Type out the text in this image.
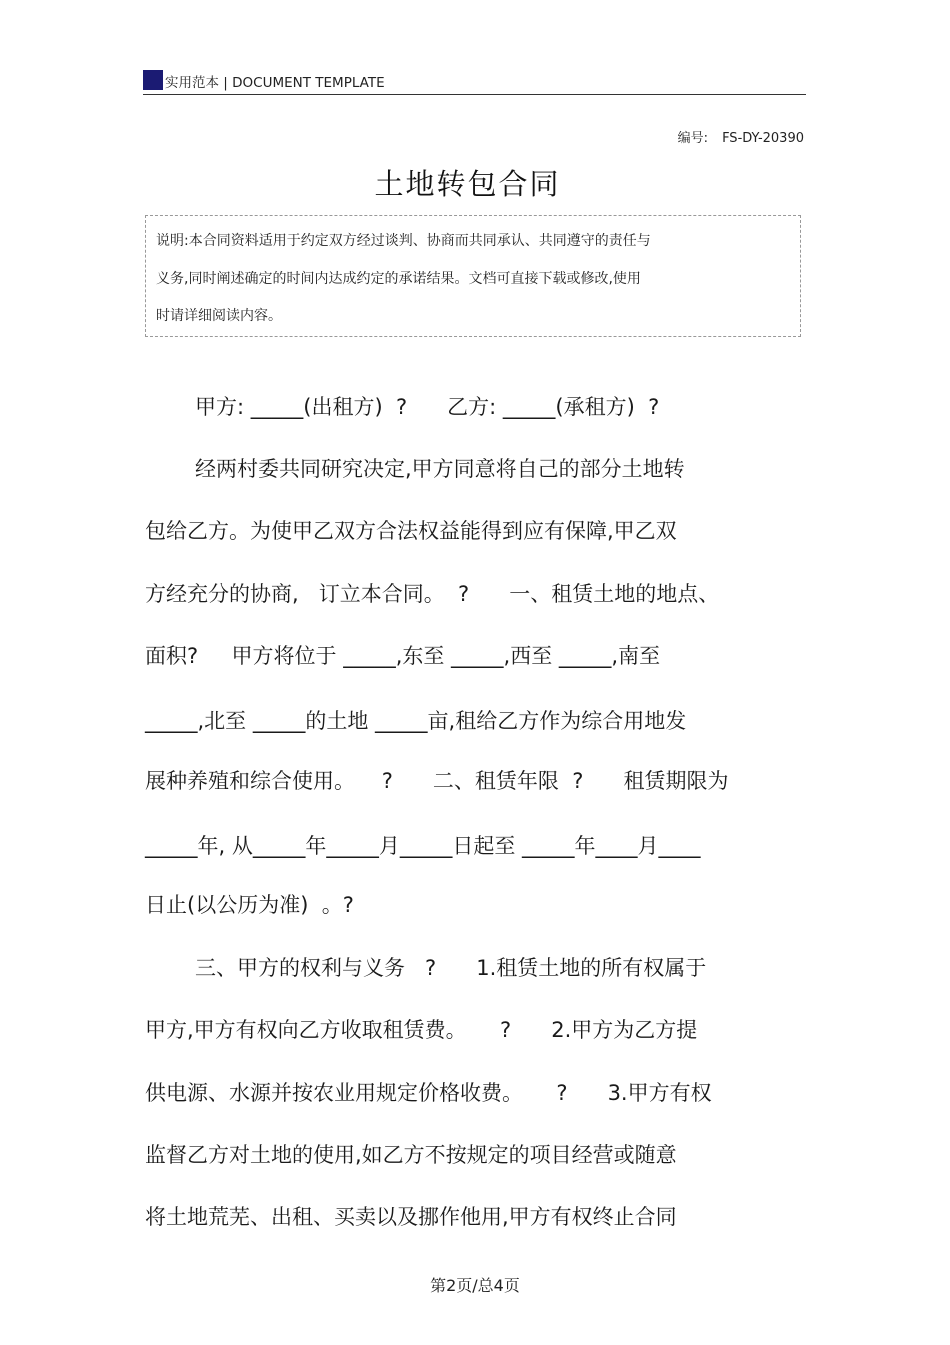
实用范本 | DOCUMENT TEMPLATE
编号: FS-DY-20390
土地转包合同
说明:本合同资料适用于约定双方经过谈判、协商而共同承认、共同遵守的责任与
义务,同时阐述确定的时间内达成约定的承诺结果。文档可直接下载或修改,使用
时请详细阅读内容。
甲方: _____(出租方)  ?      乙方: _____(承租方)  ?
经两村委共同研究决定,甲方同意将自己的部分土地转
包给乙方。为使甲乙双方合法权益能得到应有保障,甲乙双
方经充分的协商,   订立本合同。  ?      一、租赁土地的地点、
面积?     甲方将位于 _____,东至 _____,西至 _____,南至
_____,北至 _____的土地 _____亩,租给乙方作为综合用地发
展种养殖和综合使用。    ?      二、租赁年限  ?      租赁期限为
_____年, 从_____年_____月_____日起至 _____年____月____
日止(以公历为准)  。?
三、甲方的权利与义务   ?      1.租赁土地的所有权属于
甲方,甲方有权向乙方收取租赁费。     ?      2.甲方为乙方提
供电源、水源并按农业用规定价格收费。     ?      3.甲方有权
监督乙方对土地的使用,如乙方不按规定的项目经营或随意
将土地荒芜、出租、买卖以及挪作他用,甲方有权终止合同
第2页/总4页
